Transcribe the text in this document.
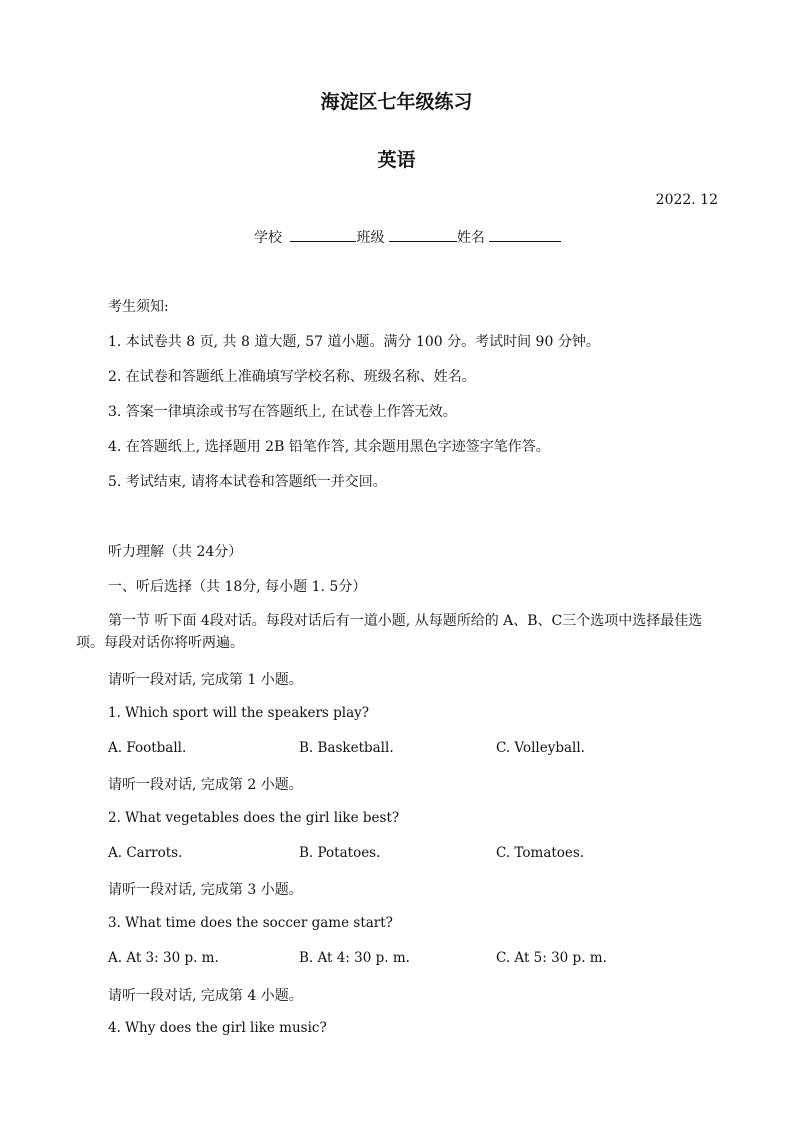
海淀区七年级练习
英语
2022. 12
学校	班级	姓名
考生须知:
1. 本试卷共 8 页, 共 8 道大题, 57 道小题。满分 100 分。考试时间 90 分钟。
2. 在试卷和答题纸上准确填写学校名称、班级名称、姓名。
3. 答案一律填涂或书写在答题纸上, 在试卷上作答无效。
4. 在答题纸上, 选择题用 2B 铅笔作答, 其余题用黑色字迹签字笔作答。
5. 考试结束, 请将本试卷和答题纸一并交回。
听力理解（共 24分）
一、听后选择（共 18分, 每小题 1. 5分）
第一节 听下面 4段对话。每段对话后有一道小题, 从每题所给的 A、B、C三个选项中选择最佳选项。每段对话你将听两遍。
请听一段对话, 完成第 1 小题。
1. Which sport will the speakers play?
A. Football.	B. Basketball.	C. Volleyball.
请听一段对话, 完成第 2 小题。
2. What vegetables does the girl like best?
A. Carrots.	B. Potatoes.	C. Tomatoes.
请听一段对话, 完成第 3 小题。
3. What time does the soccer game start?
A. At 3: 30 p. m.	B. At 4: 30 p. m.	C. At 5: 30 p. m.
请听一段对话, 完成第 4 小题。
4. Why does the girl like music?
